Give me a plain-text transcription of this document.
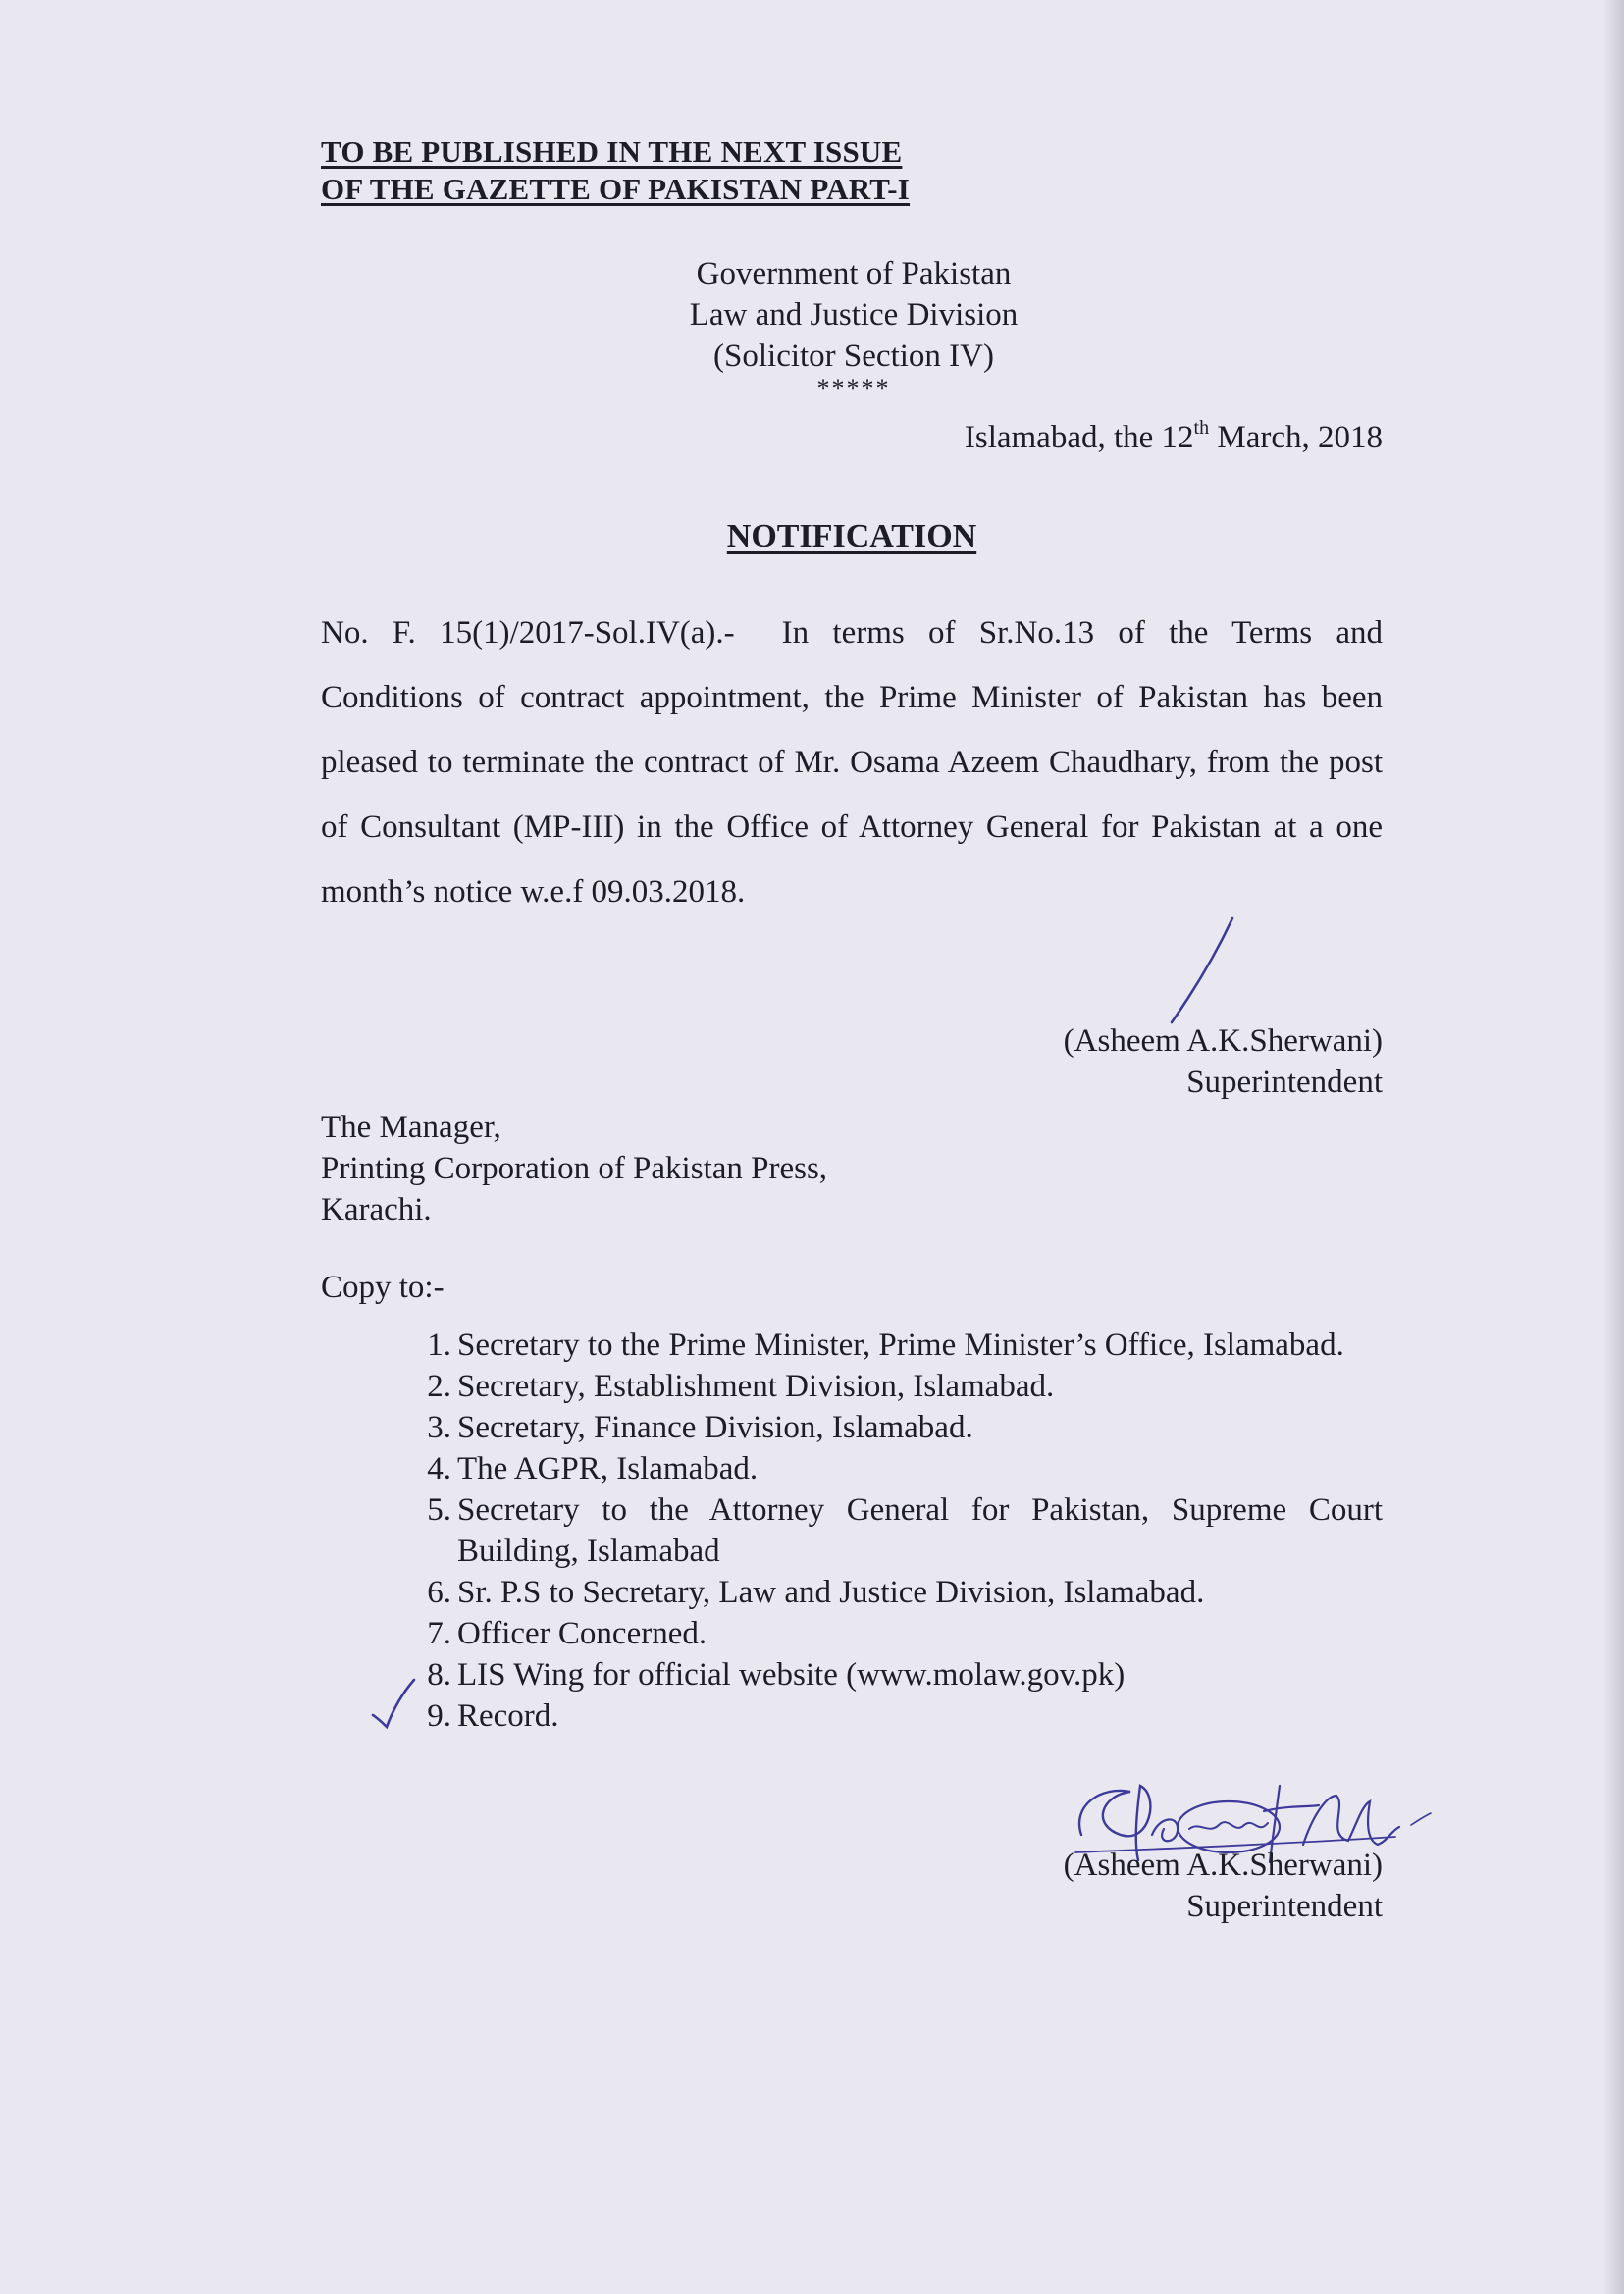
TO BE PUBLISHED IN THE NEXT ISSUE
OF THE GAZETTE OF PAKISTAN PART-I
Government of Pakistan
Law and Justice Division
(Solicitor Section IV)
*****
Islamabad, the 12th March, 2018
NOTIFICATION

No. F. 15(1)/2017-Sol.IV(a).- In terms of Sr.No.13 of the Terms and Conditions of contract appointment, the Prime Minister of Pakistan has been pleased to terminate the contract of Mr. Osama Azeem Chaudhary, from the post of Consultant (MP-III) in the Office of Attorney General for Pakistan at a one month’s notice w.e.f 09.03.2018.

(Asheem A.K.Sherwani)
Superintendent
The Manager,
Printing Corporation of Pakistan Press,
Karachi.
Copy to:-
1. Secretary to the Prime Minister, Prime Minister’s Office, Islamabad.
2. Secretary, Establishment Division, Islamabad.
3. Secretary, Finance Division, Islamabad.
4. The AGPR, Islamabad.
5. Secretary to the Attorney General for Pakistan, Supreme Court Building, Islamabad
6. Sr. P.S to Secretary, Law and Justice Division, Islamabad.
7. Officer Concerned.
8. LIS Wing for official website (www.molaw.gov.pk)
9. Record.
(Asheem A.K.Sherwani)
Superintendent
